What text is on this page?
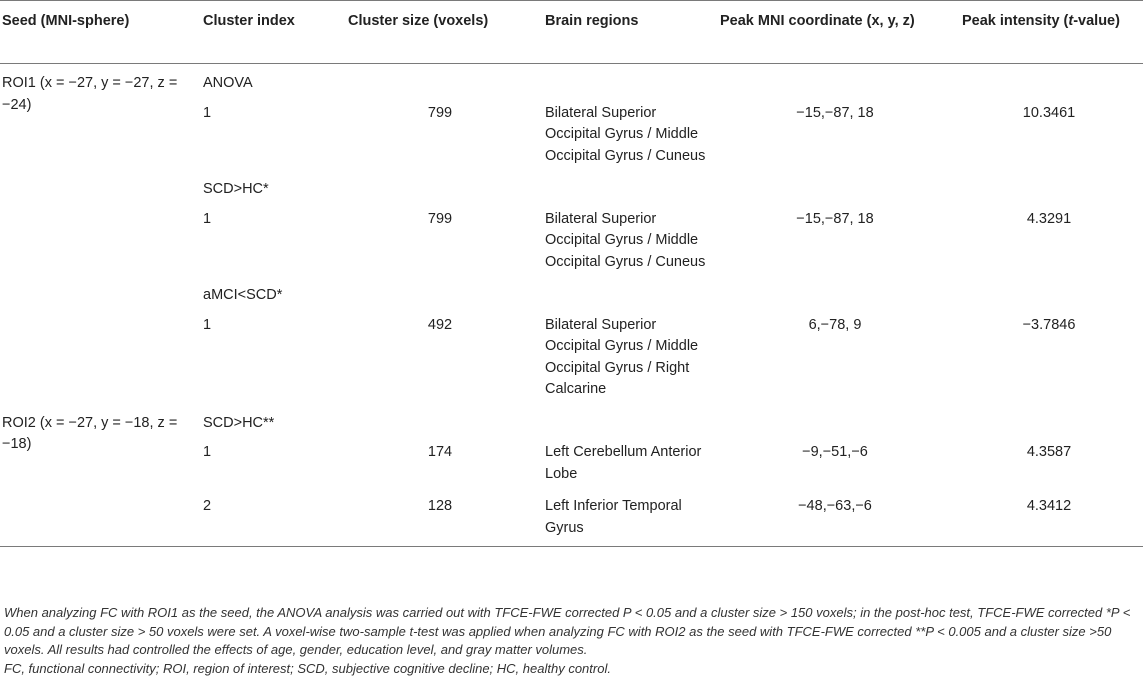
Seed (MNI-sphere)	Cluster index	Cluster size (voxels)	Brain regions	Peak MNI coordinate (x, y, z)	Peak intensity (t-value)
ROI1 (x = −27, y = −27, z = −24)	ANOVA				
	1	799	Bilateral Superior Occipital Gyrus / Middle Occipital Gyrus / Cuneus	−15,−87, 18	10.3461
	SCD>HC*				
	1	799	Bilateral Superior Occipital Gyrus / Middle Occipital Gyrus / Cuneus	−15,−87, 18	4.3291
	aMCI<SCD*				
	1	492	Bilateral Superior Occipital Gyrus / Middle Occipital Gyrus / Right Calcarine	6,−78, 9	−3.7846
ROI2 (x = −27, y = −18, z = −18)	SCD>HC**				
	1	174	Left Cerebellum Anterior Lobe	−9,−51,−6	4.3587
	2	128	Left Inferior Temporal Gyrus	−48,−63,−6	4.3412

When analyzing FC with ROI1 as the seed, the ANOVA analysis was carried out with TFCE-FWE corrected P < 0.05 and a cluster size > 150 voxels; in the post-hoc test, TFCE-FWE corrected *P < 0.05 and a cluster size > 50 voxels were set. A voxel-wise two-sample t-test was applied when analyzing FC with ROI2 as the seed with TFCE-FWE corrected **P < 0.005 and a cluster size >50 voxels. All results had controlled the effects of age, gender, education level, and gray matter volumes.

FC, functional connectivity; ROI, region of interest; SCD, subjective cognitive decline; HC, healthy control.
